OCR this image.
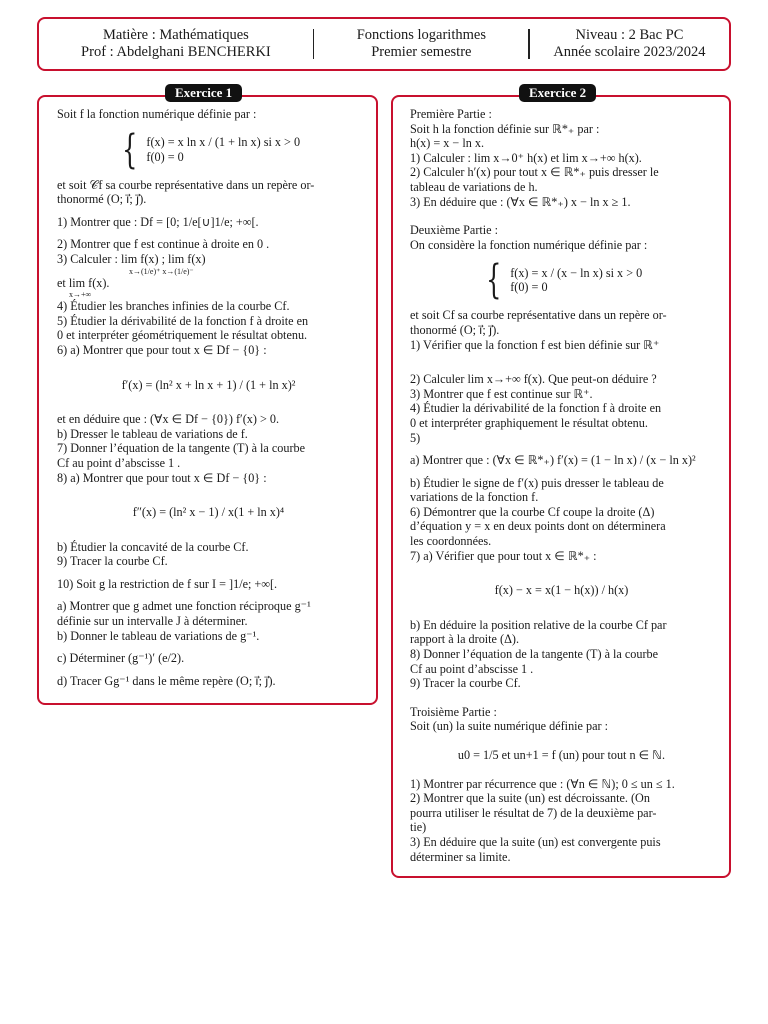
Matière : Mathématiques
Prof : Abdelghani BENCHERKI
Fonctions logarithmes
Premier semestre
Niveau : 2 Bac PC
Année scolaire 2023/2024
Exercice 1
Soit f la fonction numérique définie par :
{ f(x) = x ln x / (1 + ln x) si x > 0
f(0) = 0
et soit 𝒞f sa courbe représentative dans un repère or-
thonormé (O; i⃗; j⃗).
1) Montrer que : Df = [0; 1/e[∪]1/e; +∞[.
2) Montrer que f est continue à droite en 0 .
3) Calculer : lim f(x) ; lim f(x)
x→(1/e)⁺ x→(1/e)⁻
et lim f(x).
x→+∞
4) Étudier les branches infinies de la courbe Cf.
5) Étudier la dérivabilité de la fonction f à droite en
0 et interpréter géométriquement le résultat obtenu.
6) a) Montrer que pour tout x ∈ Df − {0} :
f′(x) = (ln² x + ln x + 1) / (1 + ln x)²
et en déduire que : (∀x ∈ Df − {0}) f′(x) > 0.
b) Dresser le tableau de variations de f.
7) Donner l’équation de la tangente (T) à la courbe
Cf au point d’abscisse 1 .
8) a) Montrer que pour tout x ∈ Df − {0} :
f″(x) = (ln² x − 1) / x(1 + ln x)⁴
b) Étudier la concavité de la courbe Cf.
9) Tracer la courbe Cf.
10) Soit g la restriction de f sur I = ]1/e; +∞[.
a) Montrer que g admet une fonction réciproque g⁻¹
définie sur un intervalle J à déterminer.
b) Donner le tableau de variations de g⁻¹.
c) Déterminer (g⁻¹)′ (e/2).
d) Tracer Gg⁻¹ dans le même repère (O; i⃗; j⃗).
Exercice 2
Première Partie :
Soit h la fonction définie sur ℝ*₊ par :
h(x) = x − ln x.
1) Calculer : lim x→0⁺ h(x) et lim x→+∞ h(x).
2) Calculer h′(x) pour tout x ∈ ℝ*₊ puis dresser le
tableau de variations de h.
3) En déduire que : (∀x ∈ ℝ*₊) x − ln x ≥ 1.
Deuxième Partie :
On considère la fonction numérique définie par :
{ f(x) = x / (x − ln x) si x > 0
f(0) = 0
et soit Cf sa courbe représentative dans un repère or-
thonormé (O; i⃗; j⃗).
1) Vérifier que la fonction f est bien définie sur ℝ⁺
2) Calculer lim x→+∞ f(x). Que peut-on déduire ?
3) Montrer que f est continue sur ℝ⁺.
4) Étudier la dérivabilité de la fonction f à droite en
0 et interpréter graphiquement le résultat obtenu.
5)
a) Montrer que : (∀x ∈ ℝ*₊) f′(x) = (1 − ln x) / (x − ln x)²
b) Étudier le signe de f′(x) puis dresser le tableau de
variations de la fonction f.
6) Démontrer que la courbe Cf coupe la droite (Δ)
d’équation y = x en deux points dont on déterminera
les coordonnées.
7) a) Vérifier que pour tout x ∈ ℝ*₊ :
f(x) − x = x(1 − h(x)) / h(x)
b) En déduire la position relative de la courbe Cf par
rapport à la droite (Δ).
8) Donner l’équation de la tangente (T) à la courbe
Cf au point d’abscisse 1 .
9) Tracer la courbe Cf.
Troisième Partie :
Soit (un) la suite numérique définie par :
u0 = 1/5 et un+1 = f (un) pour tout n ∈ ℕ.
1) Montrer par récurrence que : (∀n ∈ ℕ); 0 ≤ un ≤ 1.
2) Montrer que la suite (un) est décroissante. (On
pourra utiliser le résultat de 7) de la deuxième par-
tie)
3) En déduire que la suite (un) est convergente puis
déterminer sa limite.
